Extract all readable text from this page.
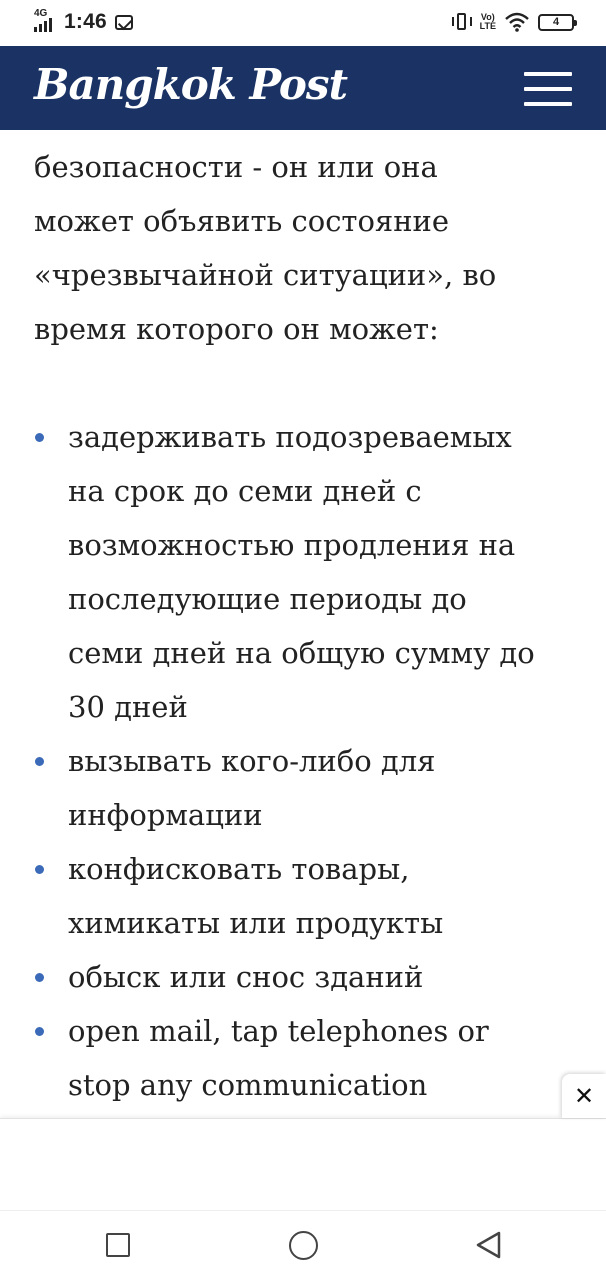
4G 1:46	Vo)
LTE	4
Bangkok Post
безопасности - он или она
может объявить состояние
«чрезвычайной ситуации», во
время которого он может:
задерживать подозреваемых
на срок до семи дней с
возможностью продления на
последующие периоды до
семи дней на общую сумму до
30 дней
вызывать кого-либо для
информации
конфисковать товары,
химикаты или продукты
обыск или снос зданий
open mail, tap telephones or
stop any communication	✕
